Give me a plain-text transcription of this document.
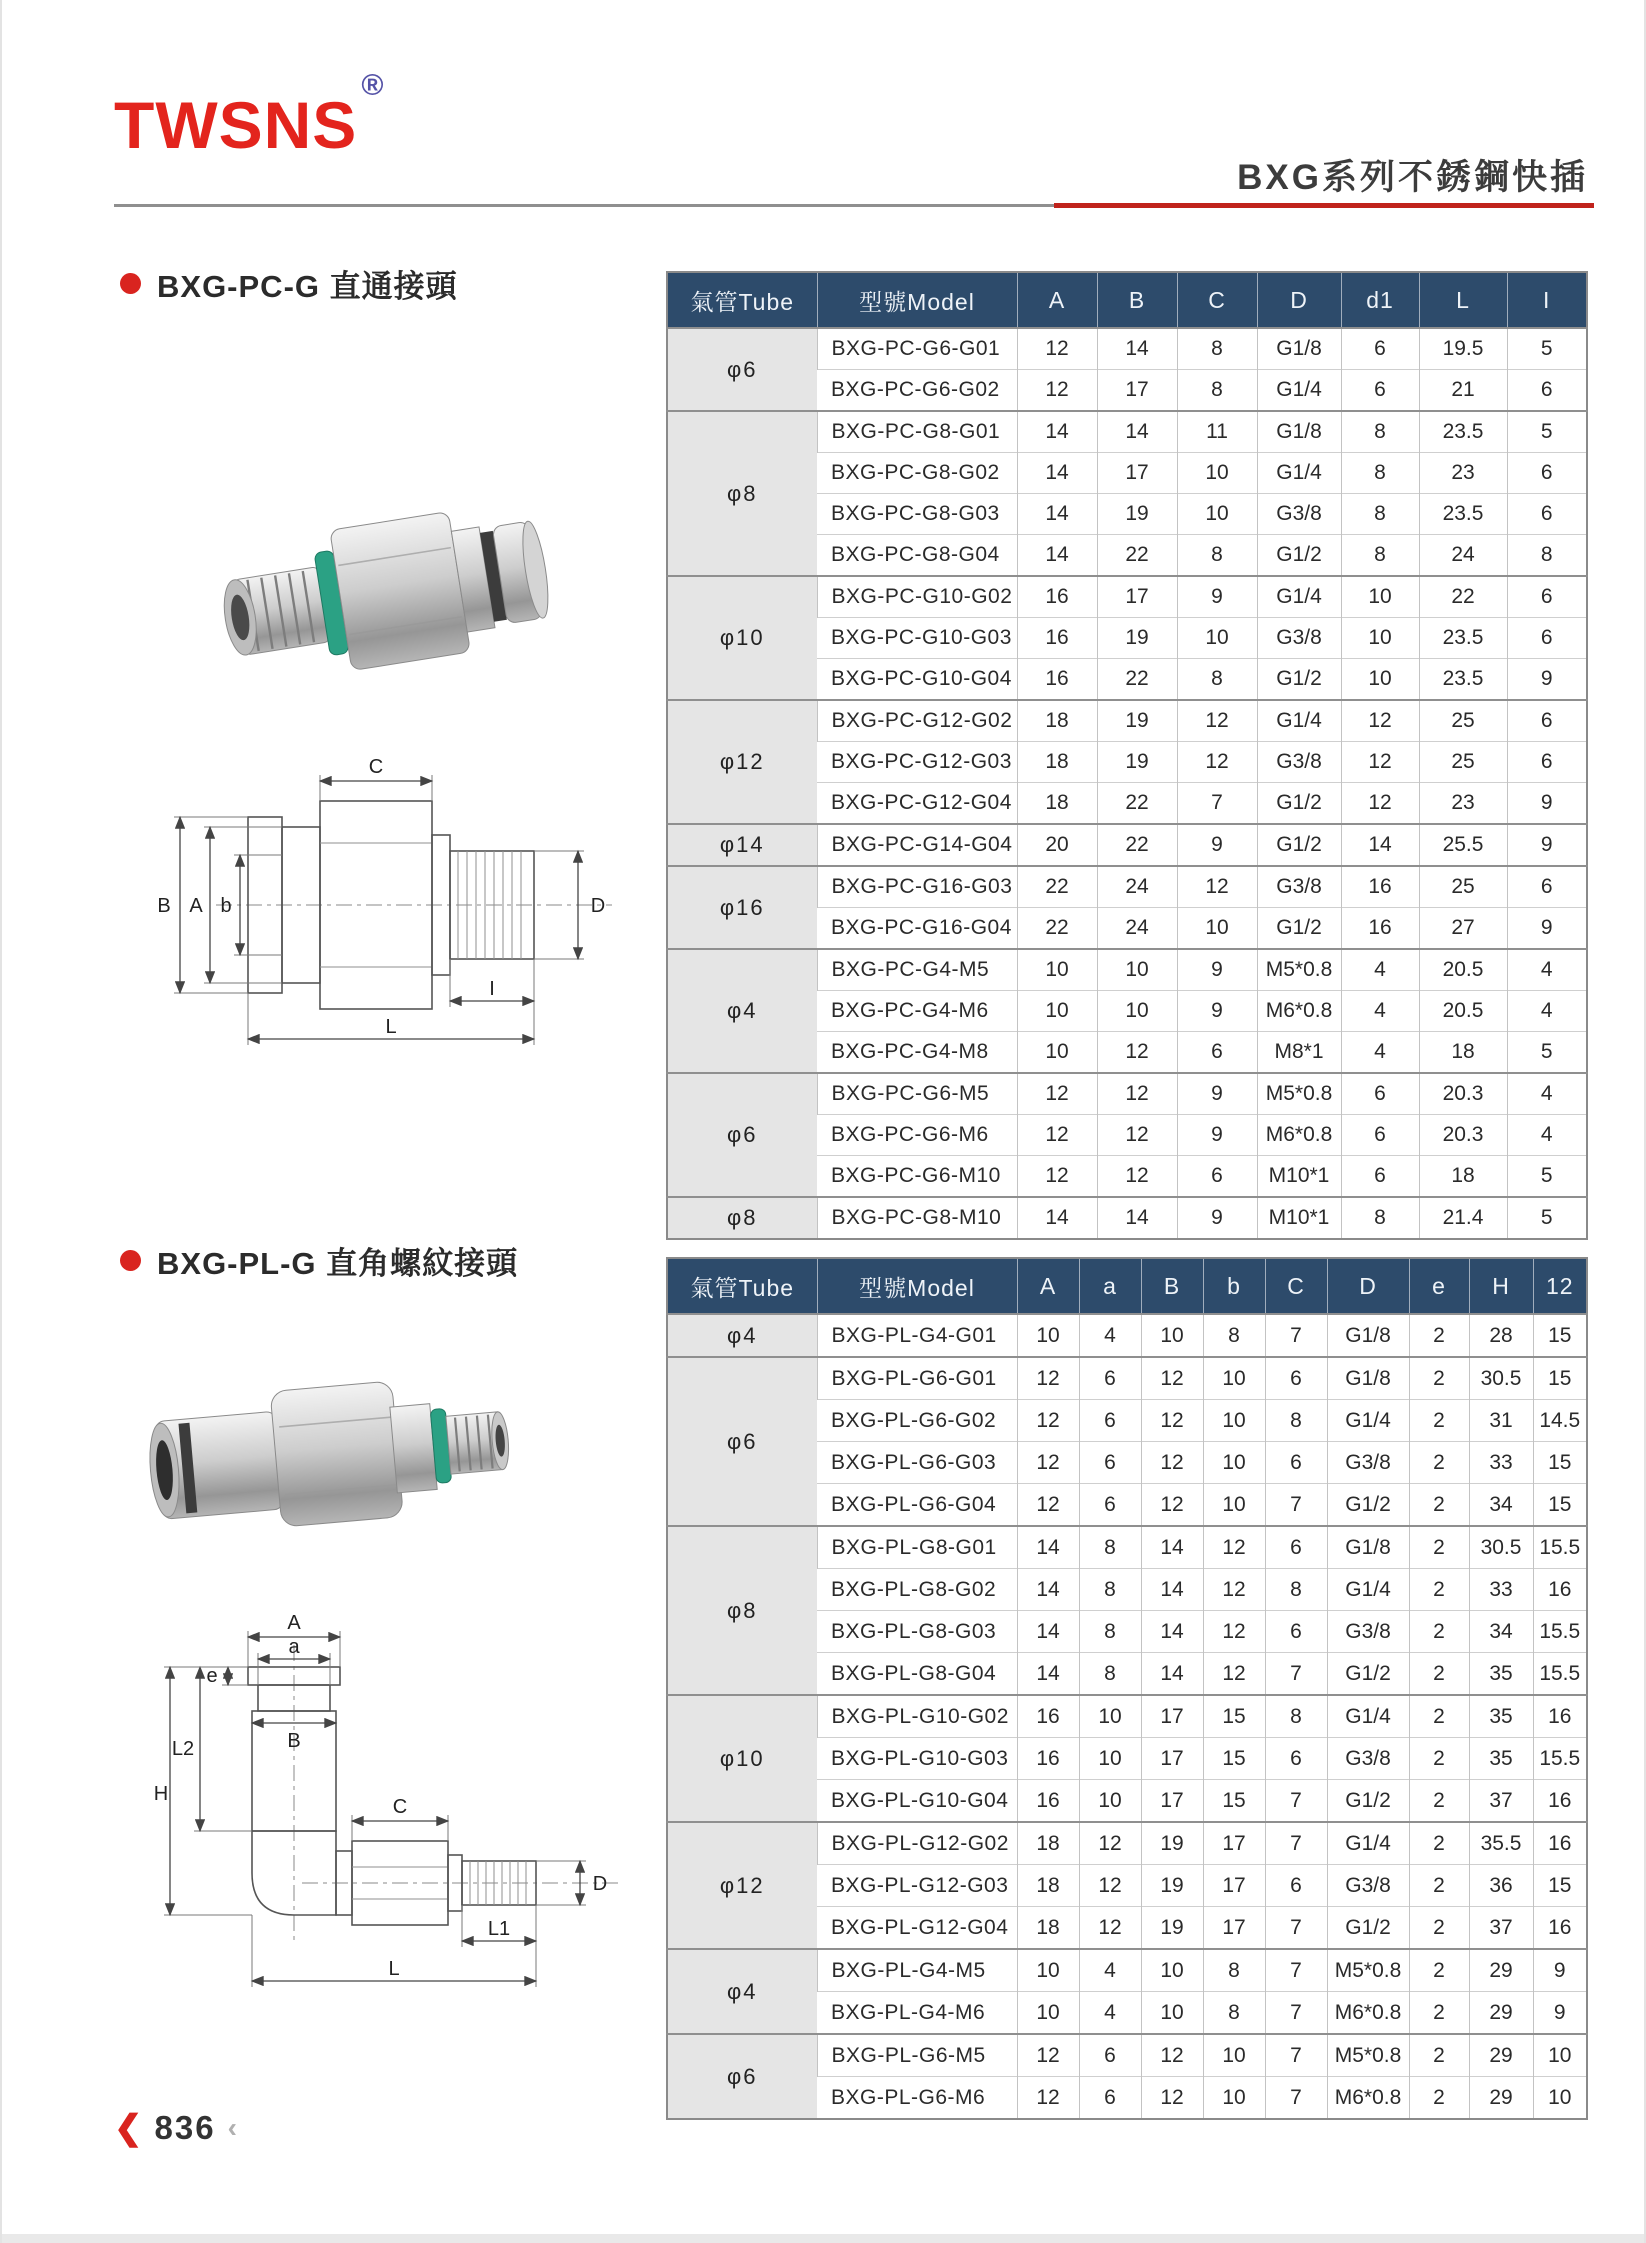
TWSNS®
BXG系列不銹鋼快插
BXG-PC-G 直通接頭
C
B A b	D
I
L
氣管Tube	型號Model	A	B	C	D	d1	L	I
φ6	BXG-PC-G6-G01	12	14	8	G1/8	6	19.5	5
	BXG-PC-G6-G02	12	17	8	G1/4	6	21	6
φ8	BXG-PC-G8-G01	14	14	11	G1/8	8	23.5	5
	BXG-PC-G8-G02	14	17	10	G1/4	8	23	6
	BXG-PC-G8-G03	14	19	10	G3/8	8	23.5	6
	BXG-PC-G8-G04	14	22	8	G1/2	8	24	8
φ10	BXG-PC-G10-G02	16	17	9	G1/4	10	22	6
	BXG-PC-G10-G03	16	19	10	G3/8	10	23.5	6
	BXG-PC-G10-G04	16	22	8	G1/2	10	23.5	9
φ12	BXG-PC-G12-G02	18	19	12	G1/4	12	25	6
	BXG-PC-G12-G03	18	19	12	G3/8	12	25	6
	BXG-PC-G12-G04	18	22	7	G1/2	12	23	9
φ14	BXG-PC-G14-G04	20	22	9	G1/2	14	25.5	9
φ16	BXG-PC-G16-G03	22	24	12	G3/8	16	25	6
	BXG-PC-G16-G04	22	24	10	G1/2	16	27	9
φ4	BXG-PC-G4-M5	10	10	9	M5*0.8	4	20.5	4
	BXG-PC-G4-M6	10	10	9	M6*0.8	4	20.5	4
	BXG-PC-G4-M8	10	12	6	M8*1	4	18	5
φ6	BXG-PC-G6-M5	12	12	9	M5*0.8	6	20.3	4
	BXG-PC-G6-M6	12	12	9	M6*0.8	6	20.3	4
	BXG-PC-G6-M10	12	12	6	M10*1	6	18	5
φ8	BXG-PC-G8-M10	14	14	9	M10*1	8	21.4	5
BXG-PL-G 直角螺紋接頭
A
a
e
L2	B
H
C
D
L1
L
氣管Tube	型號Model	A	a	B	b	C	D	e	H	12
φ4	BXG-PL-G4-G01	10	4	10	8	7	G1/8	2	28	15
φ6	BXG-PL-G6-G01	12	6	12	10	6	G1/8	2	30.5	15
	BXG-PL-G6-G02	12	6	12	10	8	G1/4	2	31	14.5
	BXG-PL-G6-G03	12	6	12	10	6	G3/8	2	33	15
	BXG-PL-G6-G04	12	6	12	10	7	G1/2	2	34	15
φ8	BXG-PL-G8-G01	14	8	14	12	6	G1/8	2	30.5	15.5
	BXG-PL-G8-G02	14	8	14	12	8	G1/4	2	33	16
	BXG-PL-G8-G03	14	8	14	12	6	G3/8	2	34	15.5
	BXG-PL-G8-G04	14	8	14	12	7	G1/2	2	35	15.5
φ10	BXG-PL-G10-G02	16	10	17	15	8	G1/4	2	35	16
	BXG-PL-G10-G03	16	10	17	15	6	G3/8	2	35	15.5
	BXG-PL-G10-G04	16	10	17	15	7	G1/2	2	37	16
φ12	BXG-PL-G12-G02	18	12	19	17	7	G1/4	2	35.5	16
	BXG-PL-G12-G03	18	12	19	17	6	G3/8	2	36	15
	BXG-PL-G12-G04	18	12	19	17	7	G1/2	2	37	16
φ4	BXG-PL-G4-M5	10	4	10	8	7	M5*0.8	2	29	9
	BXG-PL-G4-M6	10	4	10	8	7	M6*0.8	2	29	9
φ6	BXG-PL-G6-M5	12	6	12	10	7	M5*0.8	2	29	10
	BXG-PL-G6-M6	12	6	12	10	7	M6*0.8	2	29	10
❮ 836 ‹
